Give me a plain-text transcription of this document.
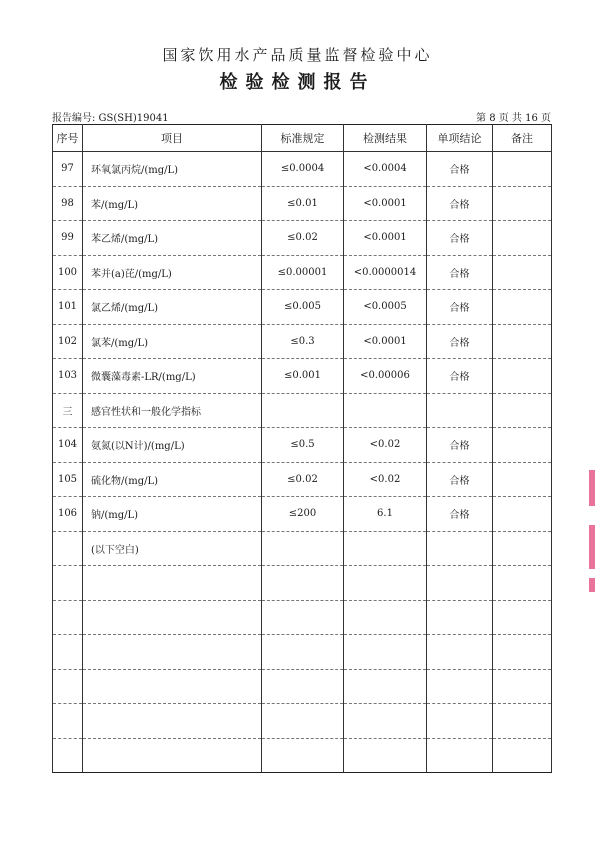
国家饮用水产品质量监督检验中心
检验检测报告
报告编号: GS(SH)19041	第 8 页 共 16 页
序号	项目	标准规定	检测结果	单项结论	备注
97	环氧氯丙烷/(mg/L)	≤0.0004	<0.0004	合格	
98	苯/(mg/L)	≤0.01	<0.0001	合格	
99	苯乙烯/(mg/L)	≤0.02	<0.0001	合格	
100	苯并(a)芘/(mg/L)	≤0.00001	<0.0000014	合格	
101	氯乙烯/(mg/L)	≤0.005	<0.0005	合格	
102	氯苯/(mg/L)	≤0.3	<0.0001	合格	
103	微囊藻毒素-LR/(mg/L)	≤0.001	<0.00006	合格	
三	感官性状和一般化学指标				
104	氨氮(以N计)/(mg/L)	≤0.5	<0.02	合格	
105	硫化物/(mg/L)	≤0.02	<0.02	合格	
106	钠/(mg/L)	≤200	6.1	合格	
	(以下空白)				
